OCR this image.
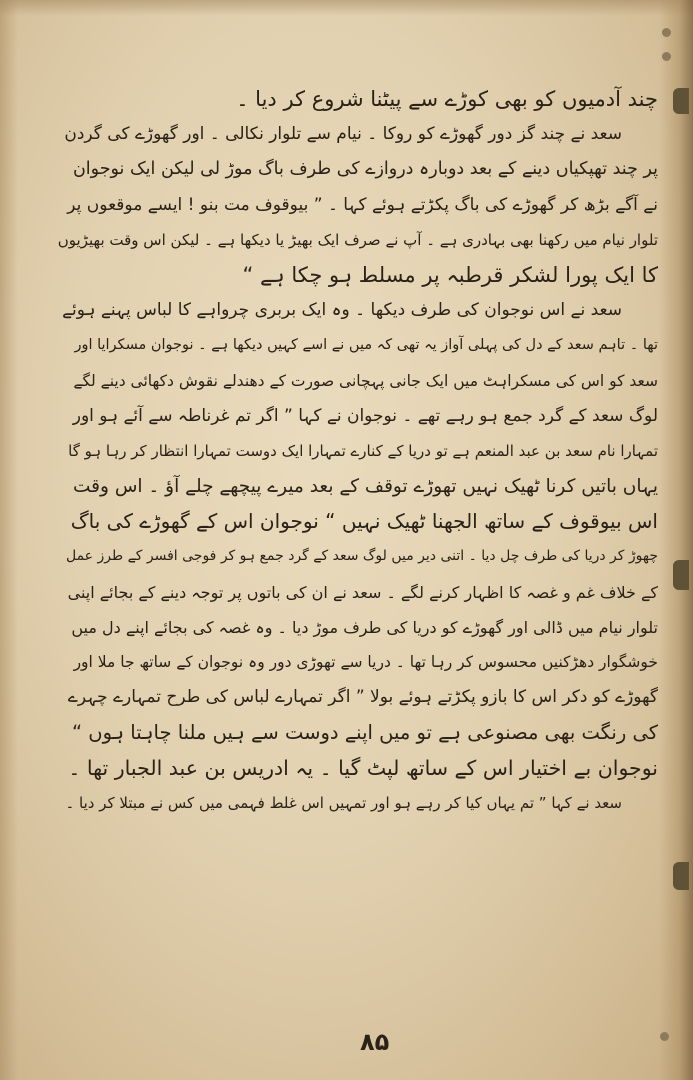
چند آدمیوں کو بھی کوڑے سے پیٹنا شروع کر دیا ۔
سعد نے چند گز دور گھوڑے کو روکا ۔ نیام سے تلوار نکالی ۔ اور گھوڑے کی گردن
پر چند تھپکیاں دینے کے بعد دوبارہ دروازے کی طرف باگ موڑ لی لیکن ایک نوجوان
نے آگے بڑھ کر گھوڑے کی باگ پکڑتے ہوئے کہا ۔ ” بیوقوف مت بنو ! ایسے موقعوں پر
تلوار نیام میں رکھنا بھی بہادری ہے ۔ آپ نے صرف ایک بھیڑ یا دیکھا ہے ۔ لیکن اس وقت بھیڑیوں
کا ایک پورا لشکر قرطبہ پر مسلط ہو چکا ہے “
سعد نے اس نوجوان کی طرف دیکھا ۔ وہ ایک بربری چرواہے کا لباس پہنے ہوئے
تھا ۔ تاہم سعد کے دل کی پہلی آواز یہ تھی کہ میں نے اسے کہیں دیکھا ہے ۔ نوجوان مسکرایا اور
سعد کو اس کی مسکراہٹ میں ایک جانی پہچانی صورت کے دھندلے نقوش دکھائی دینے لگے
لوگ سعد کے گرد جمع ہو رہے تھے ۔ نوجوان نے کہا ” اگر تم غرناطہ سے آئے ہو اور
تمہارا نام سعد بن عبد المنعم ہے تو دریا کے کنارے تمہارا ایک دوست تمہارا انتظار کر رہا ہو گا
یہاں باتیں کرنا ٹھیک نہیں تھوڑے توقف کے بعد میرے پیچھے چلے آؤ ۔ اس وقت
اس بیوقوف کے ساتھ الجھنا ٹھیک نہیں “ نوجوان اس کے گھوڑے کی باگ
چھوڑ کر دریا کی طرف چل دیا ۔ اتنی دیر میں لوگ سعد کے گرد جمع ہو کر فوجی افسر کے طرز عمل
کے خلاف غم و غصہ کا اظہار کرنے لگے ۔ سعد نے ان کی باتوں پر توجہ دینے کے بجائے اپنی
تلوار نیام میں ڈالی اور گھوڑے کو دریا کی طرف موڑ دیا ۔ وہ غصہ کی بجائے اپنے دل میں
خوشگوار دھڑکنیں محسوس کر رہا تھا ۔ دریا سے تھوڑی دور وہ نوجوان کے ساتھ جا ملا اور
گھوڑے کو دکر اس کا بازو پکڑتے ہوئے بولا ” اگر تمہارے لباس کی طرح تمہارے چہرے
کی رنگت بھی مصنوعی ہے تو میں اپنے دوست سے ہیں ملنا چاہتا ہوں “
نوجوان بے اختیار اس کے ساتھ لپٹ گیا ۔ یہ ادریس بن عبد الجبار تھا ۔
سعد نے کہا ” تم یہاں کیا کر رہے ہو اور تمہیں اس غلط فہمی میں کس نے مبتلا کر دیا ۔
۸۵
